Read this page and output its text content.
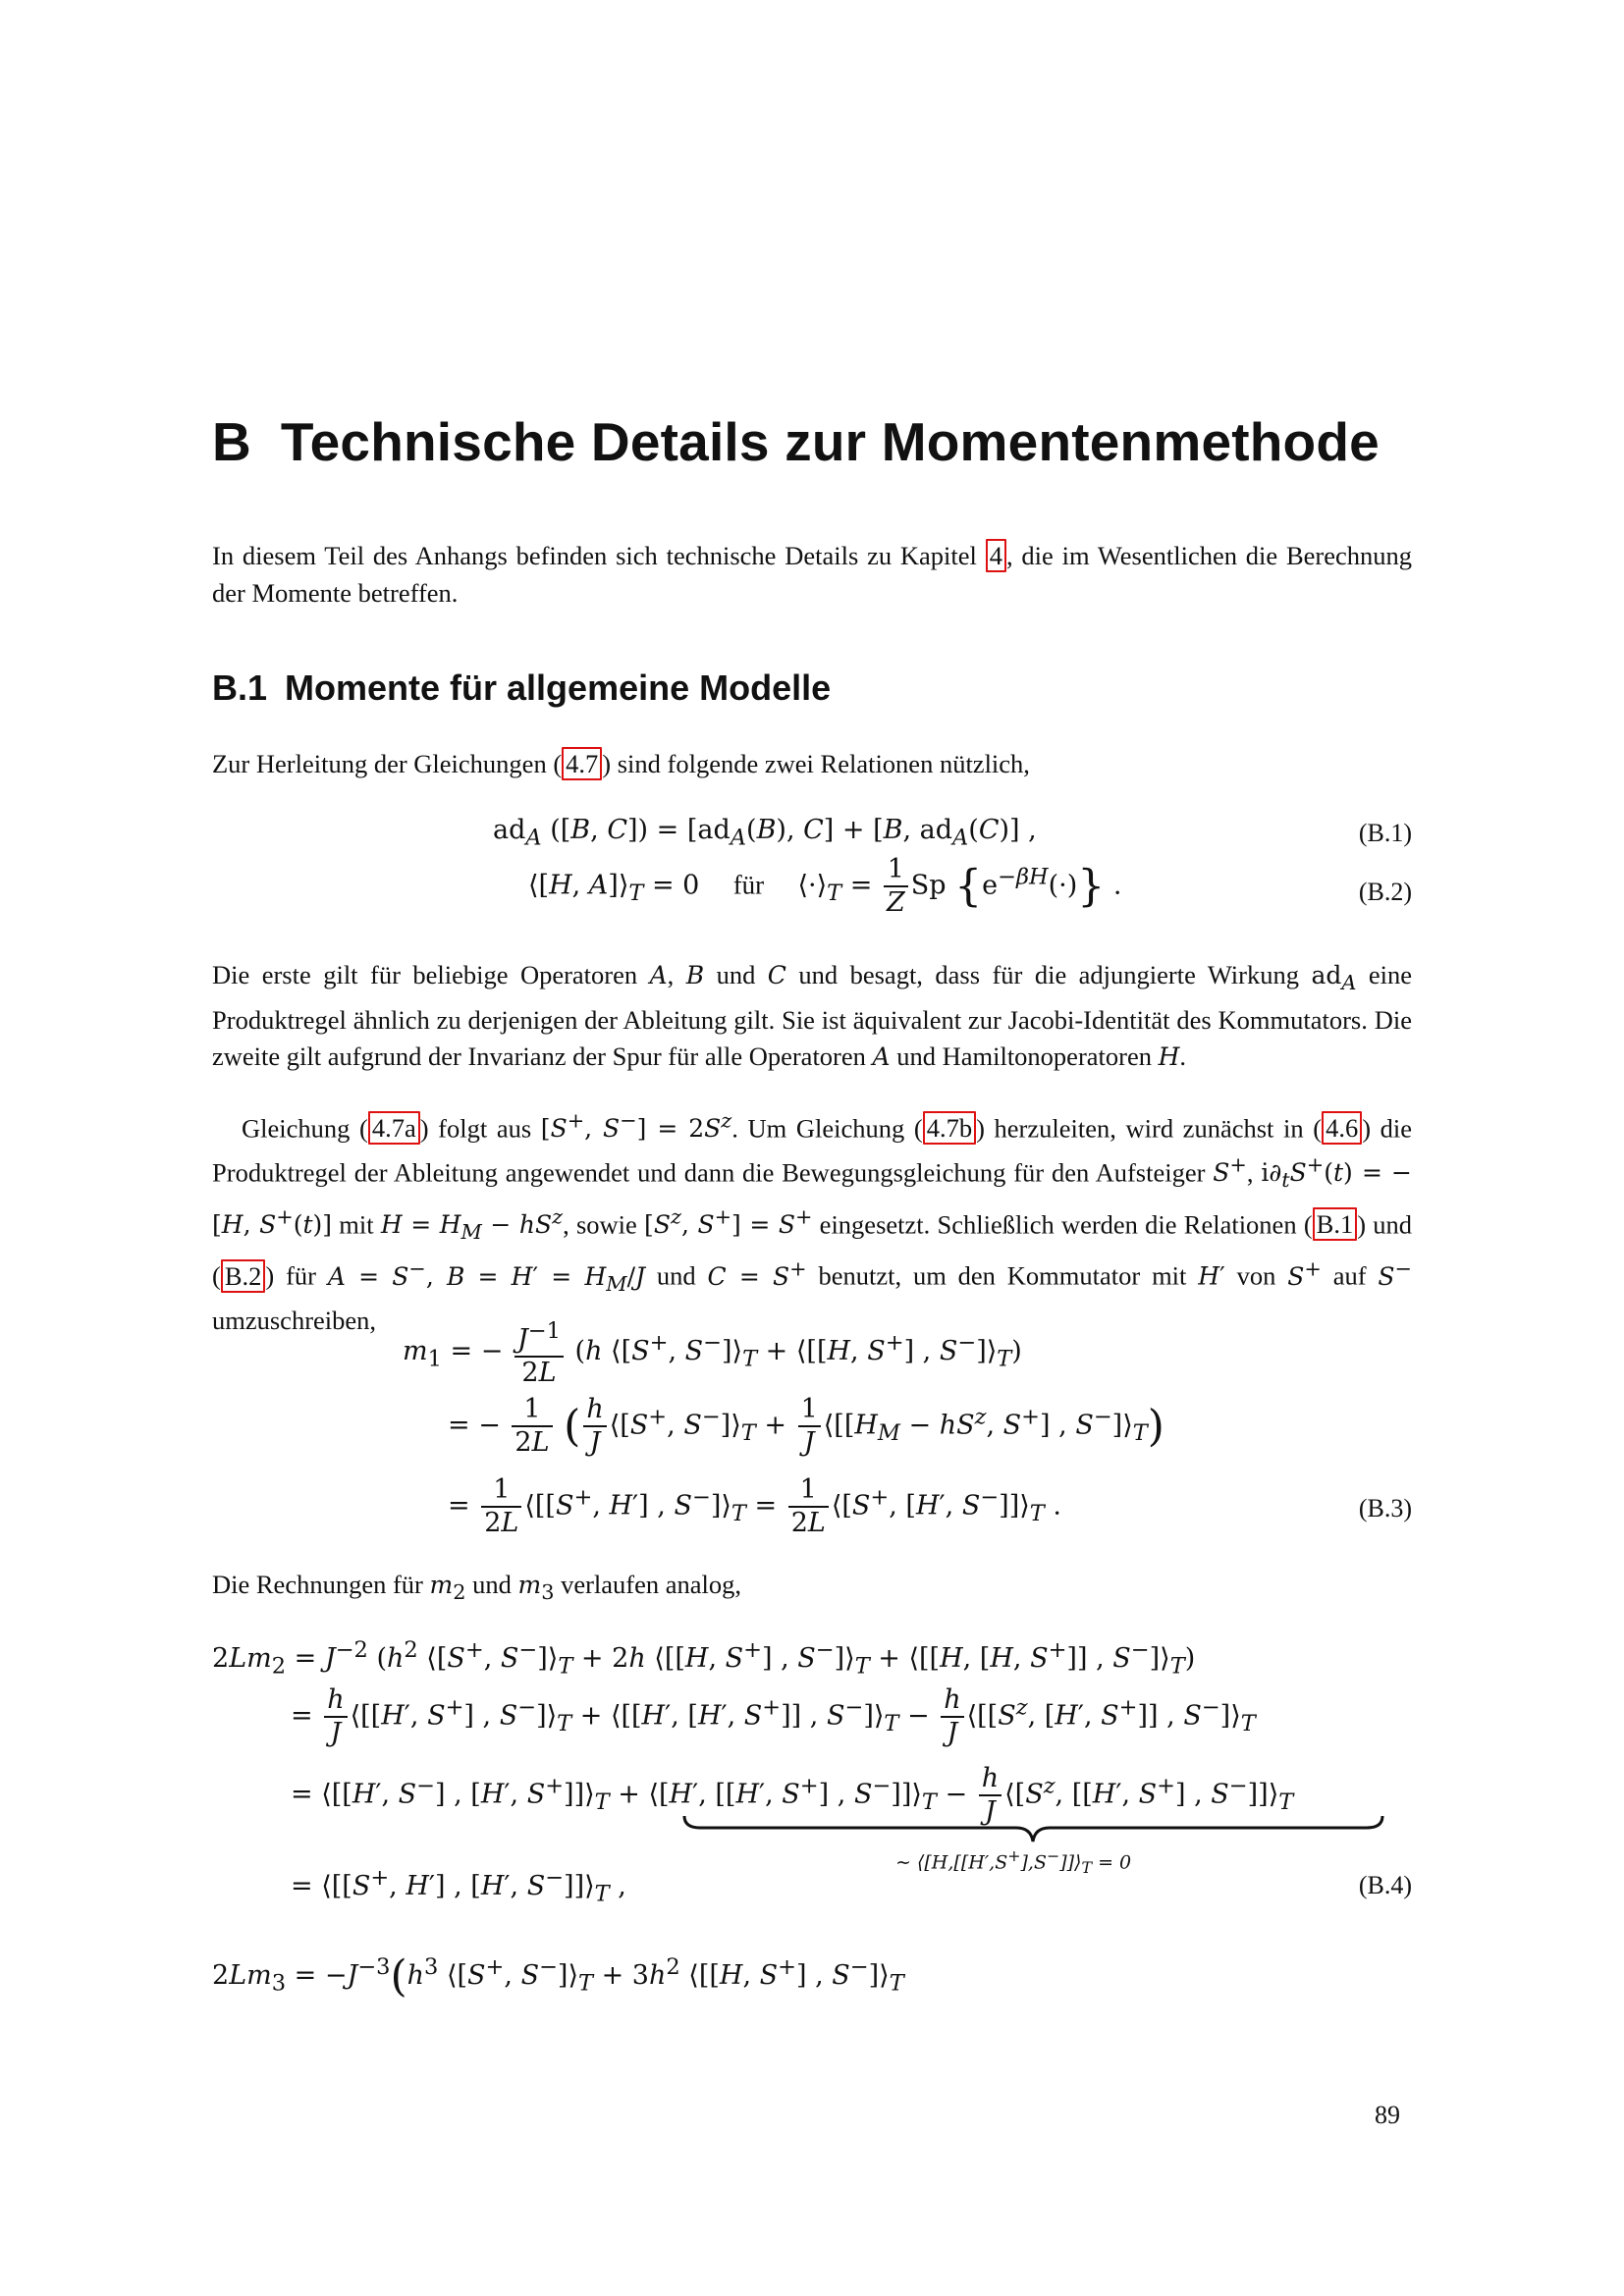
B Technische Details zur Momentenmethode

In diesem Teil des Anhangs befinden sich technische Details zu Kapitel 4 , die im Wesentlichen die Berechnung der Momente betreffen.

B.1 Momente für allgemeine Modelle

Zur Herleitung der Gleichungen ( 4.7 ) sind folgende zwei Relationen nützlich,

$ad_A$ ([B, $C]) = [ad_A(B)$, C] + [B, $ad_A(C)$] ,	(B.1)
⟨[H, $A]⟩_T = 0$    für    $⟨\cdot⟩_T = \frac{1}{Z}$ Sp $\{e^{-\beta H}(\cdot)\}$ .	(B.2)

Die erste gilt für beliebige Operatoren A, B und C und besagt, dass für die adjungierte Wirkung $ad_A$ eine Produktregel ähnlich zu derjenigen der Ableitung gilt. Sie ist äquivalent zur Jacobi-Identität des Kommutators. Die zweite gilt aufgrund der Invarianz der Spur für alle Operatoren A und Hamiltonoperatoren H.

Gleichung ( 4.7a ) folgt aus [S+, $S^-] = 2S^z$. Um Gleichung ( 4.7b ) herzuleiten, wird zunächst in ( 4.6 ) die Produktregel der Ableitung angewendet und dann die Bewegungsgleichung für den Aufsteiger S+, $i\partial_tS^+(t)$ = − [H, S+(t)] mit $H = H_M - hS^z$, sowie [$S^z$, S+] = S+ eingesetzt. Schließlich werden die Relationen ( B.1 ) und ( B.2 ) für A = S−, $B = H' = H_M/J$ und C = S+ benutzt, um den Kommutator mit H′ von S+ auf S− umzuschreiben,

$m_1$ = − $\frac{J^{-1}}{2L} (h$ ⟨[S+, $S^-]⟩_T$ + ⟨[[H, S+] , $S^-]⟩_T$)
= − $\frac{1}{2L}$ ( $\frac{h}{J}$ ⟨[S+, $S^-]⟩_T + \frac{1}{J}$ $⟨[[H_M - hS^z$, S+] , $S^-]⟩_T$)
= $\frac{1}{2L}$ ⟨[[S+, H′] , $S^-]⟩_T = \frac{1}{2L}$ ⟨[S+, [H′, $S^-]]⟩_T$ .	(B.3)

Die Rechnungen für $m_2$ und $m_3$ verlaufen analog,

$2Lm_2 = J^{-2}$ ($h^2$ ⟨[S+, $S^-]⟩_T + 2h$ ⟨[[H, S+] , $S^-]⟩_T$ + ⟨[[H, [H, S+]] , $S^-]⟩_T$)
= $\frac{h}{J}$ ⟨[[H′, S+] , $S^-]⟩_T$ + ⟨[[H′, [H′, S+]] , $S^-]⟩_T - \frac{h}{J}$ $⟨[[S^z$, [H′, S+]] , $S^-]⟩_T$
= ⟨[[H′, S−] , [H′, $S^+]]⟩_T$ + ⟨[H′, [[H′, S+] , $S^-]]⟩_T - \frac{h}{J}$ $⟨[S^z$, [[H′, S+] , $S^-]]⟩_T$
∼ $⟨[H,[[H',S^+],S^-]]⟩_T = 0$
= ⟨[[S+, H′] , [H′, $S^-]]⟩_T$ ,	(B.4)
$2Lm_3 = -J^{-3}(h^3$ ⟨[S+, $S^-]⟩_T + 3h^2$ ⟨[[H, S+] , $S^-]⟩_T$
89
